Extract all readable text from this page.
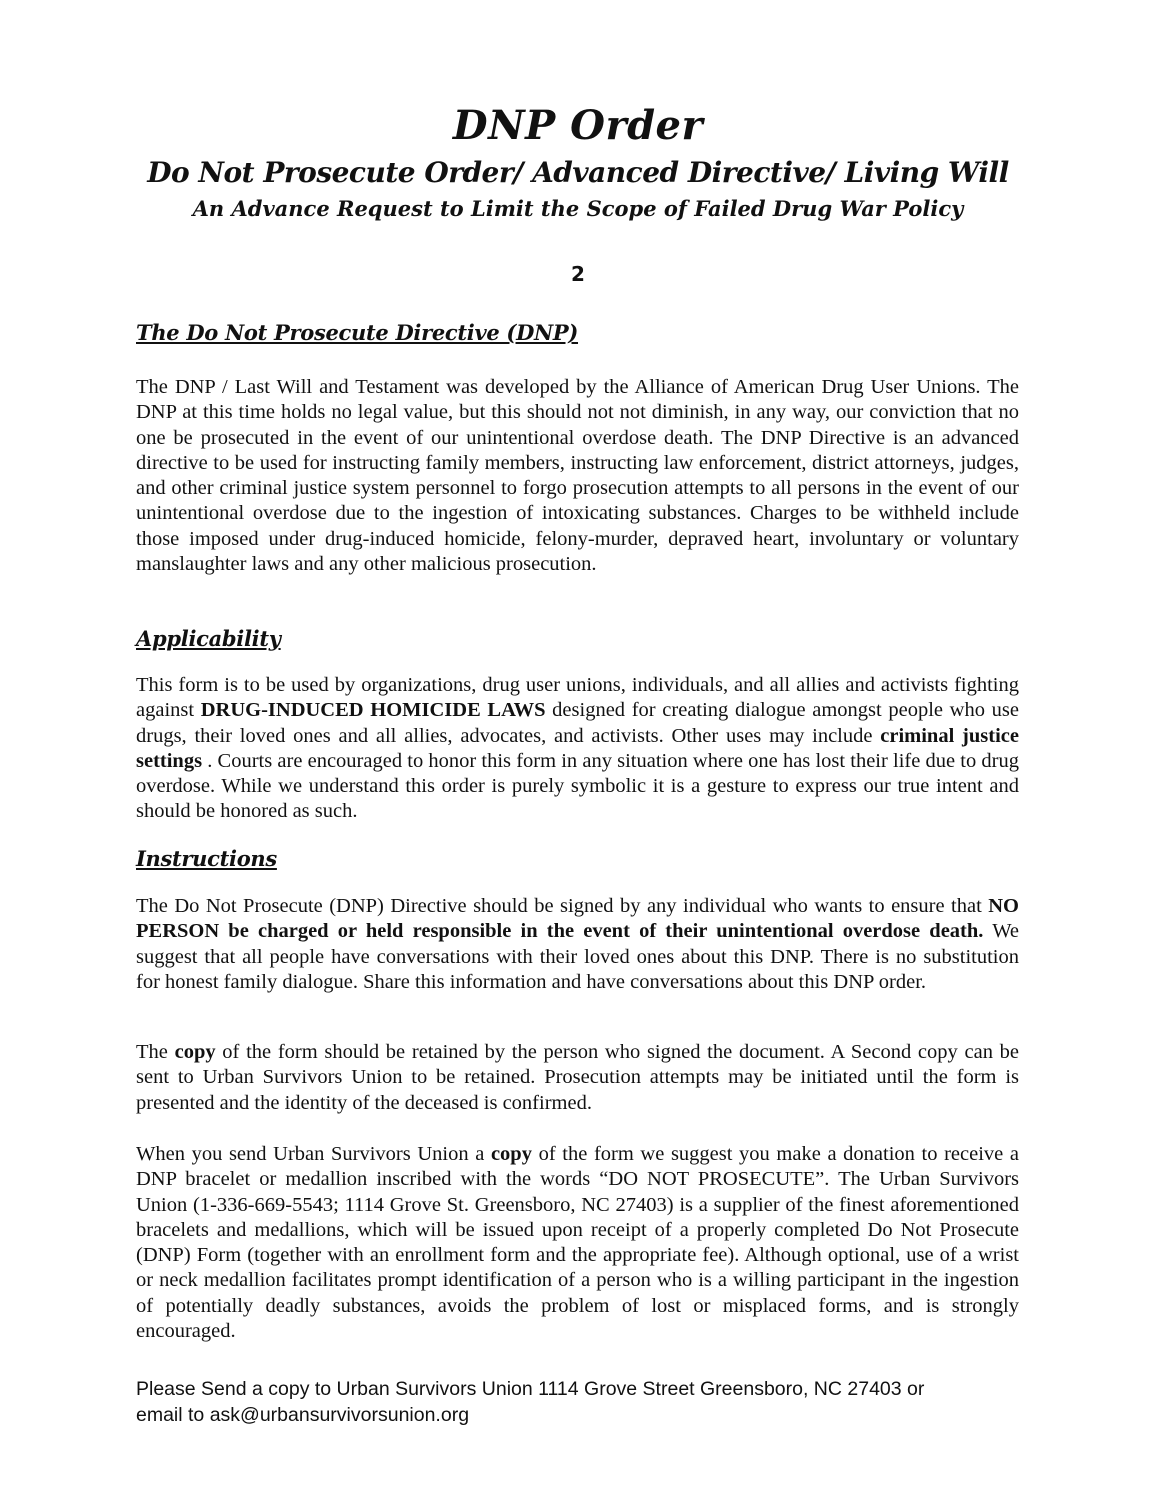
DNP Order
Do Not Prosecute Order/ Advanced Directive/ Living Will
An Advance Request to Limit the Scope of Failed Drug War Policy
2
The Do Not Prosecute Directive (DNP)
The DNP / Last Will and Testament was developed by the Alliance of American Drug User Unions. The DNP at this time holds no legal value, but this should not not diminish, in any way, our conviction that no one be prosecuted in the event of our unintentional overdose death. The DNP Directive is an advanced directive to be used for instructing family members, instructing law enforcement, district attorneys, judges, and other criminal justice system personnel to forgo prosecution attempts to all persons in the event of our unintentional overdose due to the ingestion of intoxicating substances. Charges to be withheld include those imposed under drug-induced homicide, felony-murder, depraved heart, involuntary or voluntary manslaughter laws and any other malicious prosecution.
Applicability
This form is to be used by organizations, drug user unions, individuals, and all allies and activists fighting against DRUG-INDUCED HOMICIDE LAWS designed for creating dialogue amongst people who use drugs, their loved ones and all allies, advocates, and activists. Other uses may include criminal justice settings . Courts are encouraged to honor this form in any situation where one has lost their life due to drug overdose. While we understand this order is purely symbolic it is a gesture to express our true intent and should be honored as such.
Instructions
The Do Not Prosecute (DNP) Directive should be signed by any individual who wants to ensure that NO PERSON be charged or held responsible in the event of their unintentional overdose death. We suggest that all people have conversations with their loved ones about this DNP. There is no substitution for honest family dialogue. Share this information and have conversations about this DNP order.
The copy of the form should be retained by the person who signed the document. A Second copy can be sent to Urban Survivors Union to be retained. Prosecution attempts may be initiated until the form is presented and the identity of the deceased is confirmed.
When you send Urban Survivors Union a copy of the form we suggest you make a donation to receive a DNP bracelet or medallion inscribed with the words “DO NOT PROSECUTE”. The Urban Survivors Union (1-336-669-5543; 1114 Grove St. Greensboro, NC 27403) is a supplier of the finest aforementioned bracelets and medallions, which will be issued upon receipt of a properly completed Do Not Prosecute (DNP) Form (together with an enrollment form and the appropriate fee). Although optional, use of a wrist or neck medallion facilitates prompt identification of a person who is a willing participant in the ingestion of potentially deadly substances, avoids the problem of lost or misplaced forms, and is strongly encouraged.
Please Send a copy to Urban Survivors Union 1114 Grove Street Greensboro, NC 27403 or
email to ask@urbansurvivorsunion.org
